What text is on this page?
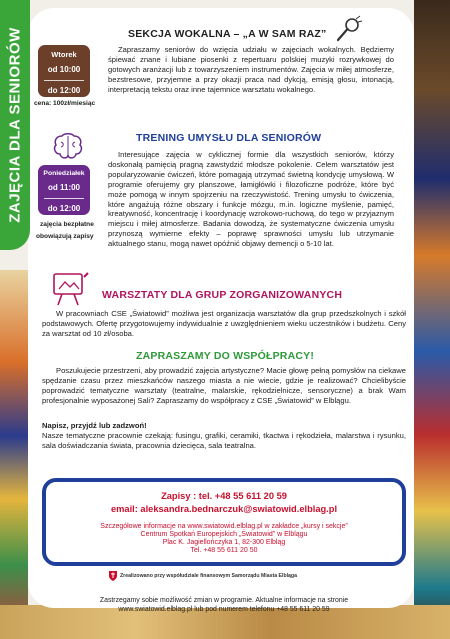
ZAJĘCIA DLA SENIORÓW	SEKCJA WOKALNA – „A W SAM RAZ”
Wtorek
od 10:00
do 12:00
cena: 100zł/miesiąc
Zapraszamy seniorów do wzięcia udziału w zajęciach wokalnych. Będziemy śpiewać znane i lubiane piosenki z repertuaru polskiej muzyki rozrywkowej do gotowych aranżacji lub z towarzyszeniem instrumentów. Zajęcia w miłej atmosferze, bezstresowe, przyjemne a przy okazji praca nad dykcją, emisją głosu, intonacją, interpretacją tekstu oraz inne tajemnice warsztatu wokalnego.
TRENING UMYSŁU DLA SENIORÓW
Poniedziałek
od 11:00
do 12:00
zajęcia bezpłatne
obowiązują zapisy
Interesujące zajęcia w cyklicznej formie dla wszystkich seniorów, którzy doskonałą pamięcią pragną zawstydzić młodsze pokolenie. Celem warsztatów jest popularyzowanie ćwiczeń, które pomagają utrzymać świetną kondycję umysłową. W programie oferujemy gry planszowe, łamigłówki i filozoficzne podróże, które być może pomogą w innym spojrzeniu na rzeczywistość. Trening umysłu to ćwiczenia, które angażują różne obszary i funkcje mózgu, m.in. logiczne myślenie, pamięć, kreatywność, koncentrację i koordynację wzrokowo-ruchową, do tego w przyjaznym miejscu i miłej atmosferze. Badania dowodzą, że systematyczne ćwiczenia umysłu przynoszą wymierne efekty – poprawę sprawności umysłu lub utrzymanie aktualnego stanu, mogą nawet opóźnić objawy demencji o 5-10 lat.
WARSZTATY DLA GRUP ZORGANIZOWANYCH
W pracowniach CSE „Światowid” możliwa jest organizacja warsztatów dla grup przedszkolnych i szkół podstawowych. Ofertę przygotowujemy indywidualnie z uwzględnieniem wieku uczestników i budżetu. Ceny za warsztat od 10 zł/osoba.
ZAPRASZAMY DO WSPÓŁPRACY!
Poszukujecie przestrzeni, aby prowadzić zajęcia artystyczne? Macie głowę pełną pomysłów na ciekawe spędzanie czasu przez mieszkańców naszego miasta a nie wiecie, gdzie je realizować? Chcielibyście poprowadzić tematyczne warsztaty (teatralne, malarskie, rękodzielnicze, sensoryczne) a brak Wam profesjonalnie wyposażonej Sali? Zapraszamy do współpracy z CSE „Światowid” w Elblągu.
Napisz, przyjdź lub zadzwoń!
Nasze tematyczne pracownie czekają: fusingu, grafiki, ceramiki, tkactwa i rękodzieła, malarstwa i rysunku, sala doświadczania świata, pracownia dziecięca, sala teatralna.
Zapisy : tel. +48 55 611 20 59
email: aleksandra.bednarczuk@swiatowid.elblag.pl
Szczegółowe informacje na www.swiatowid.elblag.pl w zakładce „kursy i sekcje”
Centrum Spotkań Europejskich „Światowid” w Elblągu
Plac K. Jagiellończyka 1, 82-300 Elbląg
Tel. +48 55 611 20 50
Zrealizowano przy współudziale finansowym Samorządu Miasta Elbląga
Zastrzegamy sobie możliwość zmian w programie. Aktualne informacje na stronie
www.swiatowid.elblag.pl lub pod numerem telefonu +48 55 611 20 59
